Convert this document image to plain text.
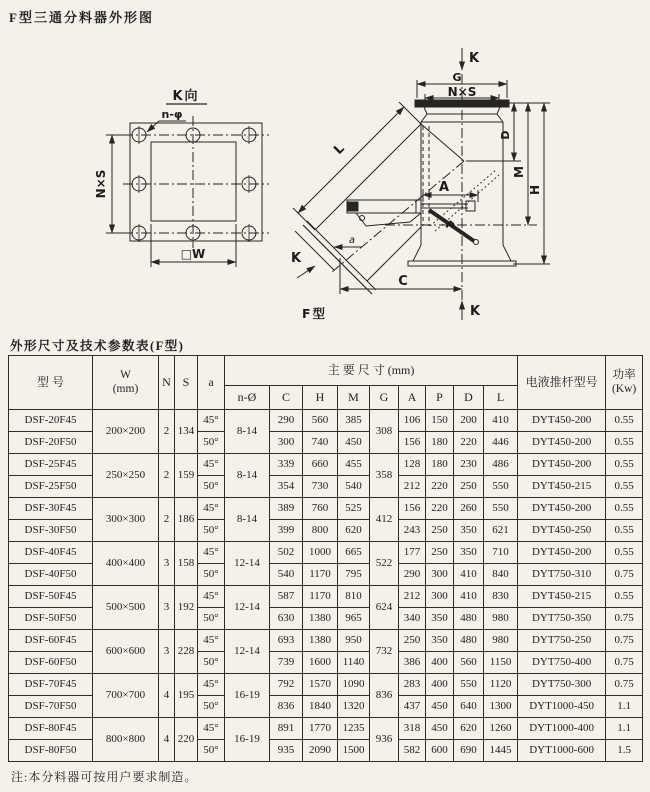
F型三通分料器外形图
K向
n-φ
N×S
□W
K
G
N×S
D
M
H
L
P
A
a
K
C
K
F型
外形尺寸及技术参数表(F型)
型 号	W
(mm)	N	S	a	主 要 尺 寸 (mm)	电液推杆型号	功率
(Kw)

					n-Ø	C	H	M	G	A	P	D	L		
DSF-20F45	200×200	2	134	45°	8-14	290	560	385	308	106	150	200	410	DYT450-200	0.55
DSF-20F50				50°		300	740	450		156	180	220	446	DYT450-200	0.55
DSF-25F45	250×250	2	159	45°	8-14	339	660	455	358	128	180	230	486	DYT450-200	0.55
DSF-25F50				50°		354	730	540		212	220	250	550	DYT450-215	0.55
DSF-30F45	300×300	2	186	45°	8-14	389	760	525	412	156	220	260	550	DYT450-200	0.55
DSF-30F50				50°		399	800	620		243	250	350	621	DYT450-250	0.55
DSF-40F45	400×400	3	158	45°	12-14	502	1000	665	522	177	250	350	710	DYT450-200	0.55
DSF-40F50				50°		540	1170	795		290	300	410	840	DYT750-310	0.75
DSF-50F45	500×500	3	192	45°	12-14	587	1170	810	624	212	300	410	830	DYT450-215	0.55
DSF-50F50				50°		630	1380	965		340	350	480	980	DYT750-350	0.75
DSF-60F45	600×600	3	228	45°	12-14	693	1380	950	732	250	350	480	980	DYT750-250	0.75
DSF-60F50				50°		739	1600	1140		386	400	560	1150	DYT750-400	0.75
DSF-70F45	700×700	4	195	45°	16-19	792	1570	1090	836	283	400	550	1120	DYT750-300	0.75
DSF-70F50				50°		836	1840	1320		437	450	640	1300	DYT1000-450	1.1
DSF-80F45	800×800	4	220	45°	16-19	891	1770	1235	936	318	450	620	1260	DYT1000-400	1.1
DSF-80F50				50°		935	2090	1500		582	600	690	1445	DYT1000-600	1.5
注:本分料器可按用户要求制造。
